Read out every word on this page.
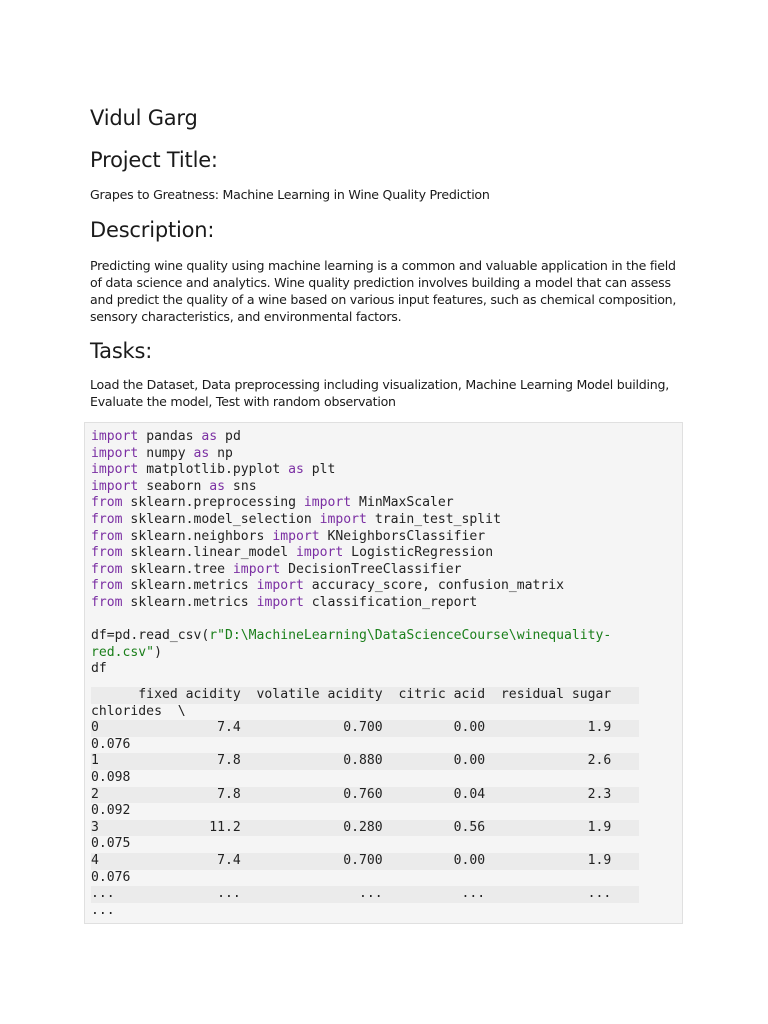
Vidul Garg
Project Title:

Grapes to Greatness: Machine Learning in Wine Quality Prediction

Description:

Predicting wine quality using machine learning is a common and valuable application in the field of data science and analytics. Wine quality prediction involves building a model that can assess and predict the quality of a wine based on various input features, such as chemical composition, sensory characteristics, and environmental factors.

Tasks:

Load the Dataset, Data preprocessing including visualization, Machine Learning Model building, Evaluate the model, Test with random observation

import pandas as pd
import numpy as np
import matplotlib.pyplot as plt
import seaborn as sns
from sklearn.preprocessing import MinMaxScaler
from sklearn.model_selection import train_test_split
from sklearn.neighbors import KNeighborsClassifier
from sklearn.linear_model import LogisticRegression
from sklearn.tree import DecisionTreeClassifier
from sklearn.metrics import accuracy_score, confusion_matrix
from sklearn.metrics import classification_report

df=pd.read_csv(r"D:\MachineLearning\DataScienceCourse\winequality-
red.csv")
df
fixed acidity  volatile acidity  citric acid  residual sugar
chlorides  \
0               7.4             0.700         0.00             1.9
0.076
1               7.8             0.880         0.00             2.6
0.098
2               7.8             0.760         0.04             2.3
0.092
3              11.2             0.280         0.56             1.9
0.075
4               7.4             0.700         0.00             1.9
0.076
...             ...               ...          ...             ...
...
